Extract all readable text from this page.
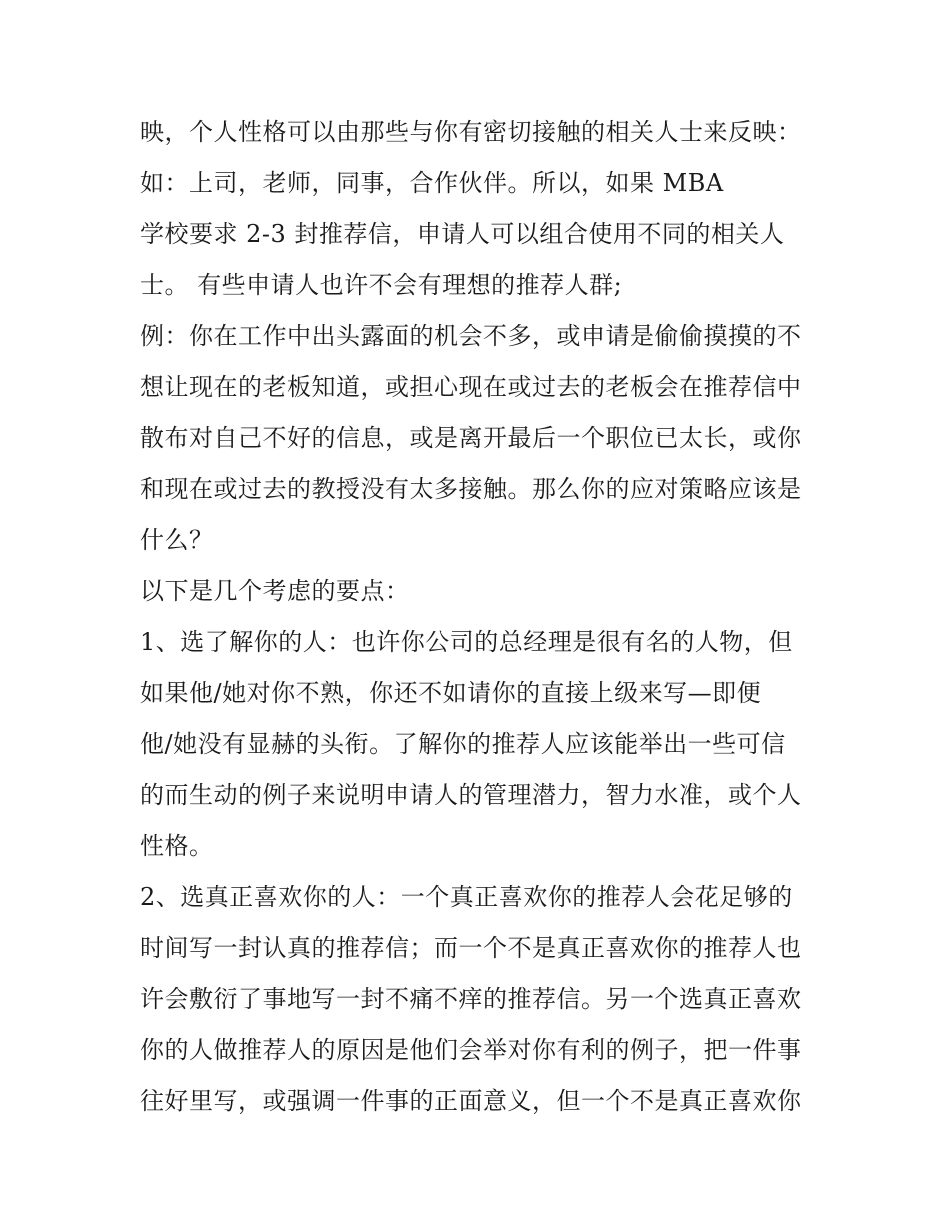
映，个人性格可以由那些与你有密切接触的相关人士来反映：
如：上司，老师，同事，合作伙伴。所以，如果 MBA
学校要求 2-3 封推荐信，申请人可以组合使用不同的相关人
士。 有些申请人也许不会有理想的推荐人群;
例：你在工作中出头露面的机会不多，或申请是偷偷摸摸的不
想让现在的老板知道，或担心现在或过去的老板会在推荐信中
散布对自己不好的信息，或是离开最后一个职位已太长，或你
和现在或过去的教授没有太多接触。那么你的应对策略应该是
什么？
以下是几个考虑的要点：
1、选了解你的人：也许你公司的总经理是很有名的人物，但
如果他/她对你不熟，你还不如请你的直接上级来写—即便
他/她没有显赫的头衔。了解你的推荐人应该能举出一些可信
的而生动的例子来说明申请人的管理潜力，智力水准，或个人
性格。
2、选真正喜欢你的人：一个真正喜欢你的推荐人会花足够的
时间写一封认真的推荐信；而一个不是真正喜欢你的推荐人也
许会敷衍了事地写一封不痛不痒的推荐信。另一个选真正喜欢
你的人做推荐人的原因是他们会举对你有利的例子，把一件事
往好里写，或强调一件事的正面意义，但一个不是真正喜欢你
